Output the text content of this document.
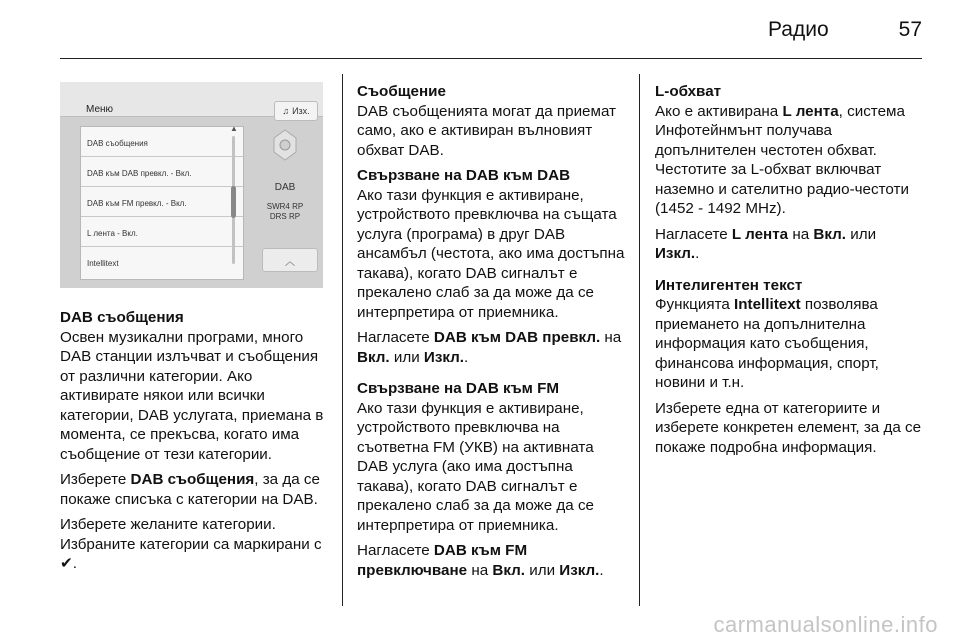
Радио	57
Меню	♫ Изх.
DAB съобщения
DAB към DAB превкл. - Вкл.
DAB към FM превкл. - Вкл.
L лента - Вкл.
Intellitext
▲
DAB
SWR4 RP
DRS RP
︿

DAB съобщения

Освен музикални програми, много DAB станции излъчват и съобщения от различни категории. Ако активирате някои или всички категории, DAB услугата, приемана в момента, се прекъсва, когато има съобщение от тези категории.

Изберете DAB съобщения, за да се покаже списъка с категории на DAB.

Изберете желаните категории. Избраните категории са маркирани с ✔.

Съобщение

DAB съобщенията могат да приемат само, ако е активиран вълновият обхват DAB.

Свързване на DAB към DAB

Ако тази функция е активиране, устройството превключва на същата услуга (програма) в друг DAB ансамбъл (честота, ако има достъпна такава), когато DAB сигналът е прекалено слаб за да може да се интерпретира от приемника.

Нагласете DAB към DAB превкл. на Вкл. или Изкл..

Свързване на DAB към FM

Ако тази функция е активиране, устройството превключва на съответна FM (УКВ) на активната DAB услуга (ако има достъпна такава), когато DAB сигналът е прекалено слаб за да може да се интерпретира от приемника.

Нагласете DAB към FM превключване на Вкл. или Изкл..

L-обхват

Ако е активирана L лента, система Инфотейнмънт получава допълнителен честотен обхват. Честотите за L-обхват включват наземно и сателитно радио-честоти (1452 - 1492 MHz).

Нагласете L лента на Вкл. или Изкл..

Интелигентен текст

Функцията Intellitext позволява приемането на допълнителна информация като съобщения, финансова информация, спорт, новини и т.н.

Изберете една от категориите и изберете конкретен елемент, за да се покаже подробна информация.

carmanualsonline.info
